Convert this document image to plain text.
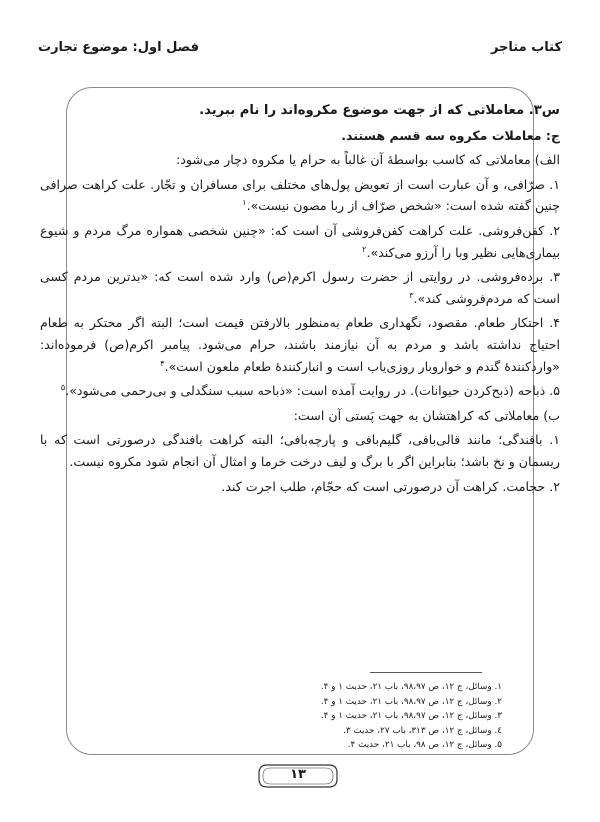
کتاب متاجر
فصل اول: موضوع تجارت

س۳. معاملاتی که از جهت موضوع مکروه‌اند را نام ببرید.

ج: معاملات مکروه سه قسم هستند.

الف) معاملاتی که کاسب بواسطهٔ آن غالباً به حرام یا مکروه دچار می‌شود:

۱. صرّافی، و آن عبارت است از تعویض پول‌های مختلف برای مسافران و تجّار. علت کراهت صرافی چنین گفته شده است: «شخص صرّاف از ربا مصون نیست».$^۱$

۲. کفن‌فروشی. علت کراهت کفن‌فروشی آن است که: «چنین شخصی همواره مرگ مردم و شیوع بیماری‌هایی نظیر وبا را آرزو می‌کند».$^۲$

۳. برده‌فروشی. در روایتی از حضرت رسول اکرم(ص) وارد شده است که: «بدترین مردم کسی است که مردم‌فروشی کند».$^۳$

۴. احتکار طعام. مقصود، نگهداری طعام به‌منظور بالارفتن قیمت است؛ البته اگر محتکر به طعام احتیاج نداشته باشد و مردم به آن نیازمند باشند، حرام می‌شود. پیامبر اکرم(ص) فرموده‌اند: «واردکنندهٔ گندم و خواروبار روزی‌یاب است و انبارکنندهٔ طعام ملعون است».$^۴$

۵. ذباحه (ذبح‌کردن حیوانات). در روایت آمده است: «ذباحه سبب سنگدلی و بی‌رحمی می‌شود».$^۵$

ب) معاملاتی که کراهتشان به جهت پَستی آن است:

۱. بافندگی؛ مانند قالی‌بافی، گلیم‌بافی و پارچه‌بافی؛ البته کراهت بافندگی درصورتی است که با ریسمان و نخ باشد؛ بنابراین اگر با برگ و لیف درخت خرما و امثال آن انجام شود مکروه نیست.

۲. حجامت. کراهت آن درصورتی است که حجّام، طلب اجرت کند.

۱. وسائل، ج ۱۲، ص ۹۸،۹۷، باب ۲۱، حدیث ۱ و ۴.
۲. وسائل، ج ۱۲، ص ۹۸،۹۷، باب ۲۱، حدیث ۱ و ۴.
۳. وسائل، ج ۱۲، ص ۹۸،۹۷، باب ۲۱، حدیث ۱ و ۴.
٤. وسائل، ج ۱۲، ص ۳۱۳، باب ۲۷، حدیث ۳.
۵. وسائل، ج ۱۲، ص ۹۸، باب ۲۱، حدیث ۴.
۱۳
